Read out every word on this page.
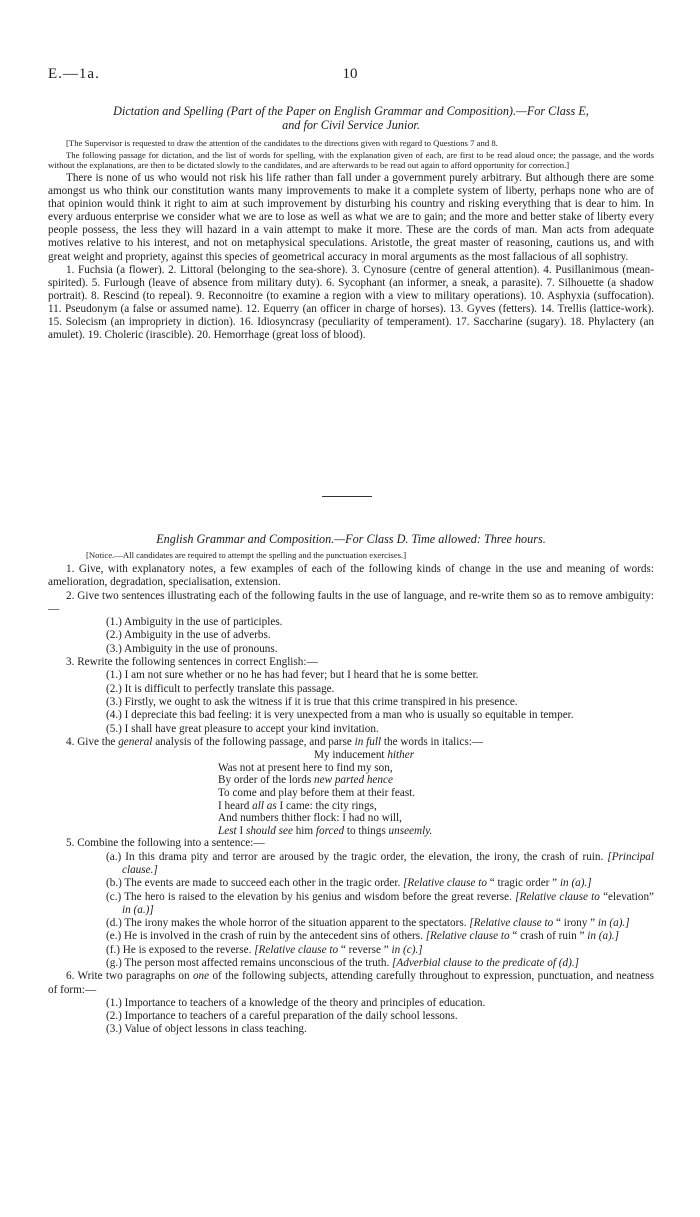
E.—1a.	10

Dictation and Spelling (Part of the Paper on English Grammar and Composition).—For Class E,
and for Civil Service Junior.

[The Supervisor is requested to draw the attention of the candidates to the directions given with regard to Questions 7 and 8.

The following passage for dictation, and the list of words for spelling, with the explanation given of each, are first to be read aloud once; the passage, and the words without the explanations, are then to be dictated slowly to the candidates, and are afterwards to be read out again to afford opportunity for correction.]

There is none of us who would not risk his life rather than fall under a government purely arbitrary. But although there are some amongst us who think our constitution wants many improvements to make it a complete system of liberty, perhaps none who are of that opinion would think it right to aim at such improvement by disturbing his country and risking everything that is dear to him. In every arduous enterprise we consider what we are to lose as well as what we are to gain; and the more and better stake of liberty every people possess, the less they will hazard in a vain attempt to make it more. These are the cords of man. Man acts from adequate motives relative to his interest, and not on metaphysical speculations. Aristotle, the great master of reasoning, cautions us, and with great weight and propriety, against this species of geometrical accuracy in moral arguments as the most fallacious of all sophistry.

1. Fuchsia (a flower). 2. Littoral (belonging to the sea-shore). 3. Cynosure (centre of general attention). 4. Pusillanimous (mean-spirited). 5. Furlough (leave of absence from military duty). 6. Sycophant (an informer, a sneak, a parasite). 7. Silhouette (a shadow portrait). 8. Rescind (to repeal). 9. Reconnoitre (to examine a region with a view to military operations). 10. Asphyxia (suffocation). 11. Pseudonym (a false or assumed name). 12. Equerry (an officer in charge of horses). 13. Gyves (fetters). 14. Trellis (lattice-work). 15. Solecism (an impropriety in diction). 16. Idiosyncrasy (peculiarity of temperament). 17. Saccharine (sugary). 18. Phylactery (an amulet). 19. Choleric (irascible). 20. Hemorrhage (great loss of blood).

English Grammar and Composition.—For Class D. Time allowed: Three hours.

[Notice.—All candidates are required to attempt the spelling and the punctuation exercises.]

1. Give, with explanatory notes, a few examples of each of the following kinds of change in the use and meaning of words: amelioration, degradation, specialisation, extension.

2. Give two sentences illustrating each of the following faults in the use of language, and re-write them so as to remove ambiguity:—

(1.) Ambiguity in the use of participles.

(2.) Ambiguity in the use of adverbs.

(3.) Ambiguity in the use of pronouns.

3. Rewrite the following sentences in correct English:—

(1.) I am not sure whether or no he has had fever; but I heard that he is some better.

(2.) It is difficult to perfectly translate this passage.

(3.) Firstly, we ought to ask the witness if it is true that this crime transpired in his presence.

(4.) I depreciate this bad feeling: it is very unexpected from a man who is usually so equitable in temper.

(5.) I shall have great pleasure to accept your kind invitation.

4. Give the general analysis of the following passage, and parse in full the words in italics:—

My inducement hither
Was not at present here to find my son,
By order of the lords new parted hence
To come and play before them at their feast.
I heard all as I came: the city rings,
And numbers thither flock: I had no will,
Lest I should see him forced to things unseemly.

5. Combine the following into a sentence:—

(a.) In this drama pity and terror are aroused by the tragic order, the elevation, the irony, the crash of ruin. [Principal clause.]

(b.) The events are made to succeed each other in the tragic order. [Relative clause to “ tragic order ” in (a).]

(c.) The hero is raised to the elevation by his genius and wisdom before the great reverse. [Relative clause to “elevation” in (a.)]

(d.) The irony makes the whole horror of the situation apparent to the spectators. [Relative clause to “ irony ” in (a).]

(e.) He is involved in the crash of ruin by the antecedent sins of others. [Relative clause to “ crash of ruin ” in (a).]

(f.) He is exposed to the reverse. [Relative clause to “ reverse ” in (c).]

(g.) The person most affected remains unconscious of the truth. [Adverbial clause to the predicate of (d).]

6. Write two paragraphs on one of the following subjects, attending carefully throughout to expression, punctuation, and neatness of form:—

(1.) Importance to teachers of a knowledge of the theory and principles of education.

(2.) Importance to teachers of a careful preparation of the daily school lessons.

(3.) Value of object lessons in class teaching.
